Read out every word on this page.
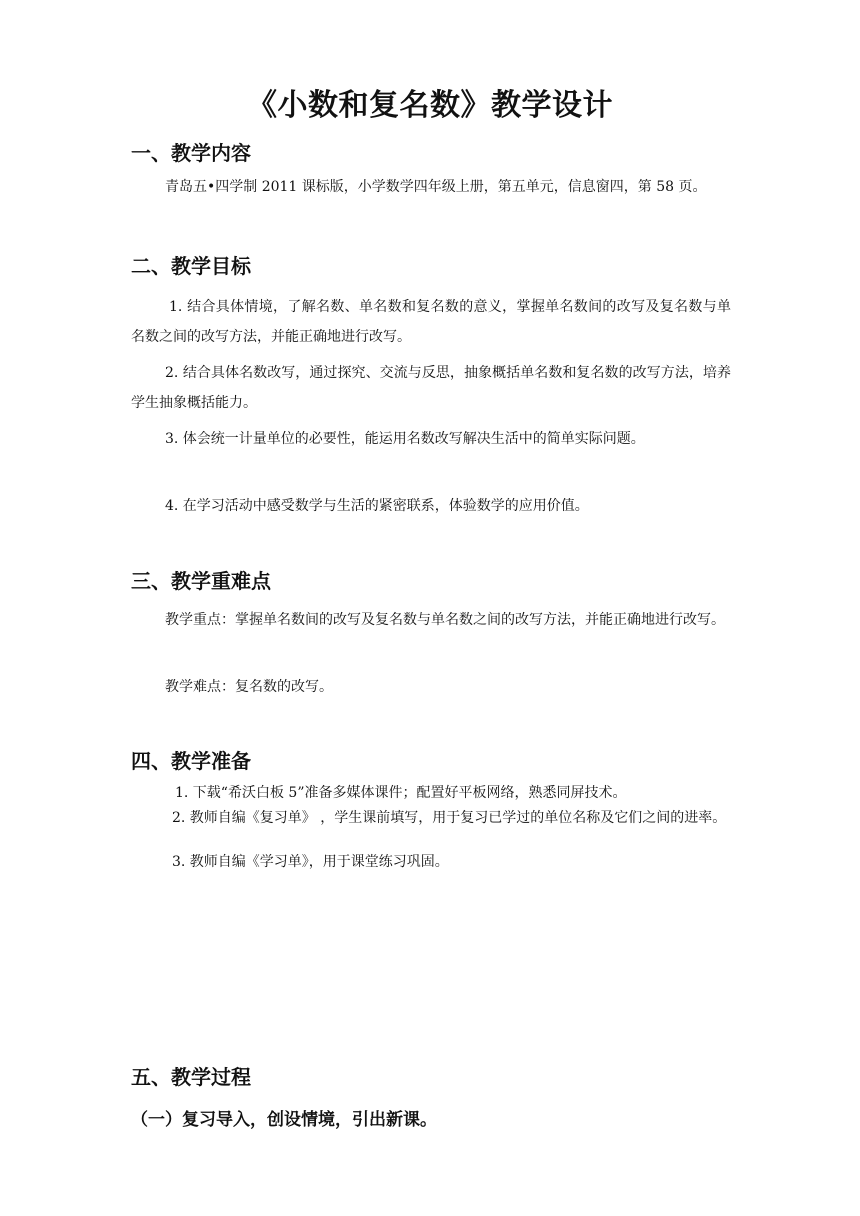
《小数和复名数》教学设计
一、教学内容
青岛五•四学制 2011 课标版，小学数学四年级上册，第五单元，信息窗四，第 58 页。
二、教学目标
1. 结合具体情境，了解名数、单名数和复名数的意义，掌握单名数间的改写及复名数与单名数之间的改写方法，并能正确地进行改写。
2. 结合具体名数改写，通过探究、交流与反思，抽象概括单名数和复名数的改写方法，培养学生抽象概括能力。
3. 体会统一计量单位的必要性，能运用名数改写解决生活中的简单实际问题。
4. 在学习活动中感受数学与生活的紧密联系，体验数学的应用价值。
三、教学重难点
教学重点：掌握单名数间的改写及复名数与单名数之间的改写方法，并能正确地进行改写。
教学难点：复名数的改写。
四、教学准备
1. 下载“希沃白板 5”准备多媒体课件；配置好平板网络，熟悉同屏技术。
2. 教师自编《复习单》 ，学生课前填写，用于复习已学过的单位名称及它们之间的进率。
3. 教师自编《学习单》，用于课堂练习巩固。
五、教学过程
（一）复习导入，创设情境，引出新课。
